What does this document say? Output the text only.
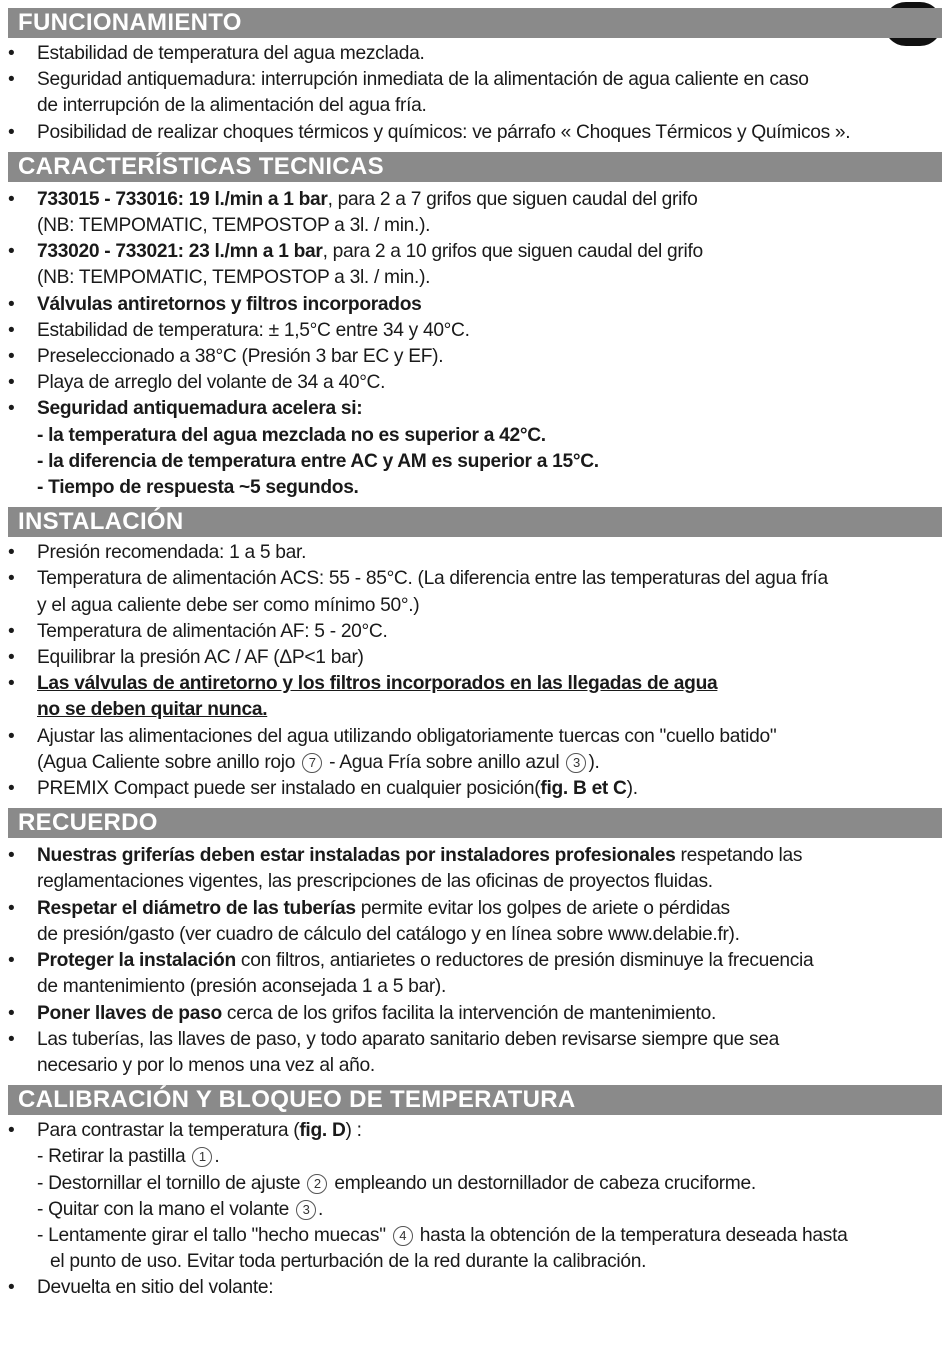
FUNCIONAMIENTO
• Estabilidad de temperatura del agua mezclada.
• Seguridad antiquemadura: interrupción inmediata de la alimentación de agua caliente en caso
de interrupción de la alimentación del agua fría.
• Posibilidad de realizar choques térmicos y químicos: ve párrafo « Choques Térmicos y Químicos ».
CARACTERÍSTICAS TECNICAS
• 733015 - 733016: 19 l./min a 1 bar, para 2 a 7 grifos que siguen caudal del grifo
(NB: TEMPOMATIC, TEMPOSTOP a 3l. / min.).
• 733020 - 733021: 23 l./mn a 1 bar, para 2 a 10 grifos que siguen caudal del grifo
(NB: TEMPOMATIC, TEMPOSTOP a 3l. / min.).
• Válvulas antiretornos y filtros incorporados
• Estabilidad de temperatura: ± 1,5°C entre 34 y 40°C.
• Preseleccionado a 38°C (Presión 3 bar EC y EF).
• Playa de arreglo del volante de 34 a 40°C.
• Seguridad antiquemadura acelera si:
- la temperatura del agua mezclada no es superior a 42°C.
- la diferencia de temperatura entre AC y AM es superior a 15°C.
- Tiempo de respuesta ~5 segundos.
INSTALACIÓN
• Presión recomendada: 1 a 5 bar.
• Temperatura de alimentación ACS: 55 - 85°C. (La diferencia entre las temperaturas del agua fría
y el agua caliente debe ser como mínimo 50°.)
• Temperatura de alimentación AF: 5 - 20°C.
• Equilibrar la presión AC / AF (ΔP<1 bar)
• Las válvulas de antiretorno y los filtros incorporados en las llegadas de agua
no se deben quitar nunca.
• Ajustar las alimentaciones del agua utilizando obligatoriamente tuercas con "cuello batido"
(Agua Caliente sobre anillo rojo 7 - Agua Fría sobre anillo azul 3 ).
• PREMIX Compact puede ser instalado en cualquier posición(fig. B et C).
RECUERDO
• Nuestras griferías deben estar instaladas por instaladores profesionales respetando las
reglamentaciones vigentes, las prescripciones de las oficinas de proyectos fluidas.
• Respetar el diámetro de las tuberías permite evitar los golpes de ariete o pérdidas
de presión/gasto (ver cuadro de cálculo del catálogo y en línea sobre www.delabie.fr).
• Proteger la instalación con filtros, antiarietes o reductores de presión disminuye la frecuencia
de mantenimiento (presión aconsejada 1 a 5 bar).
• Poner llaves de paso cerca de los grifos facilita la intervención de mantenimiento.
• Las tuberías, las llaves de paso, y todo aparato sanitario deben revisarse siempre que sea
necesario y por lo menos una vez al año.
CALIBRACIÓN Y BLOQUEO DE TEMPERATURA
• Para contrastar la temperatura (fig. D) :
- Retirar la pastilla 1 .
- Destornillar el tornillo de ajuste 2 empleando un destornillador de cabeza cruciforme.
- Quitar con la mano el volante 3 .
- Lentamente girar el tallo "hecho muecas" 4 hasta la obtención de la temperatura deseada hasta
el punto de uso. Evitar toda perturbación de la red durante la calibración.
• Devuelta en sitio del volante:
